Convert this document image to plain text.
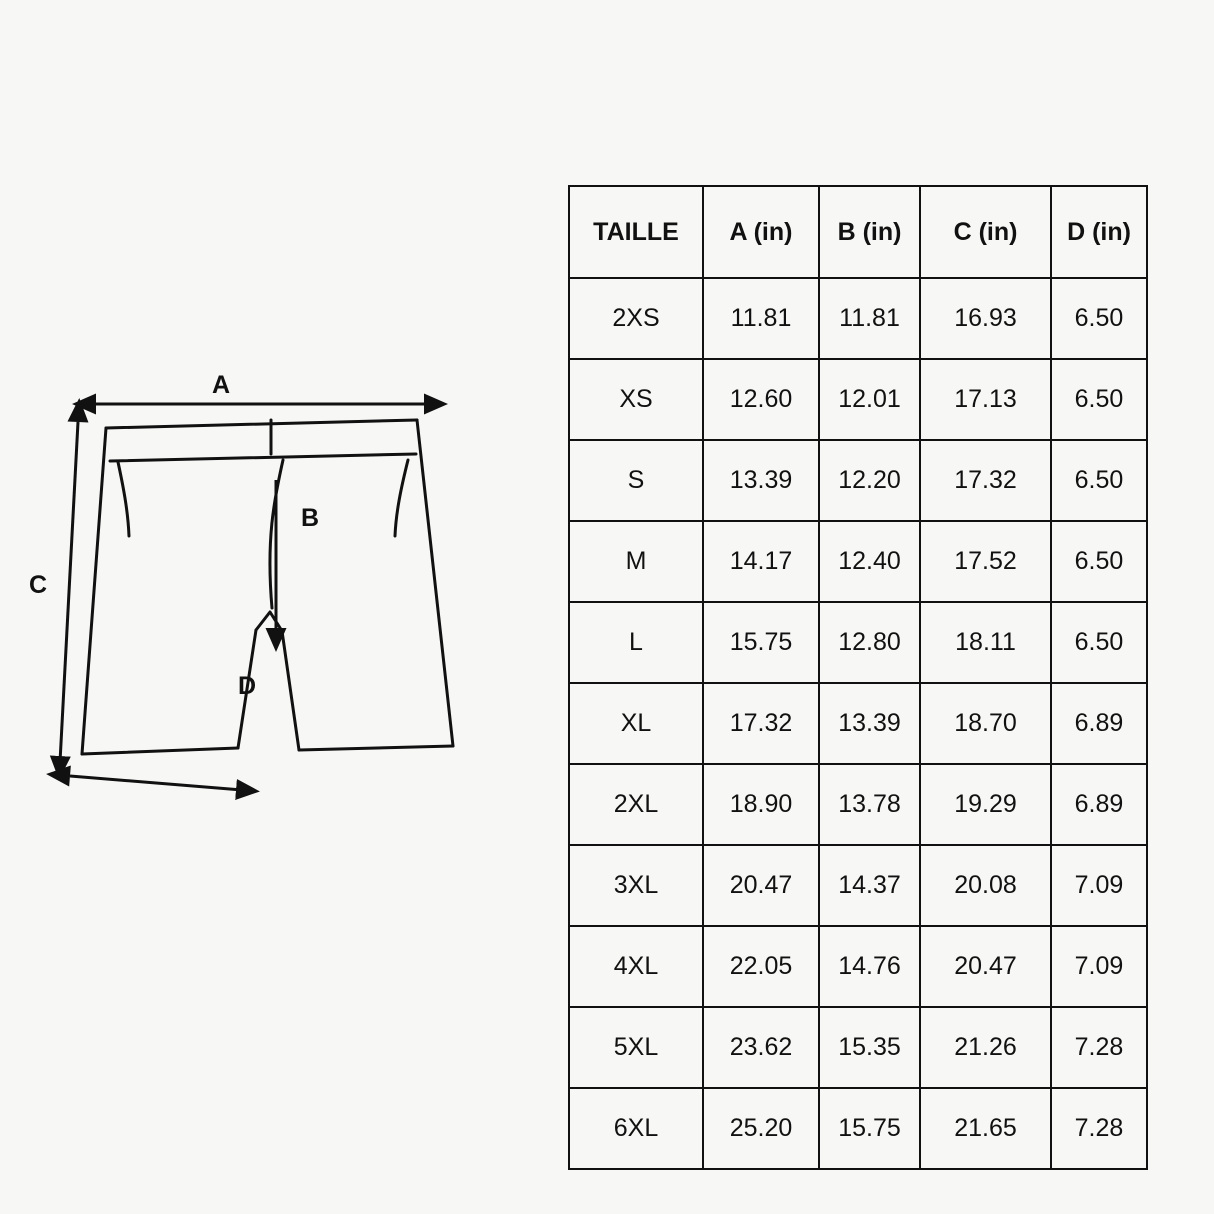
A
C
D
B
TAILLE	A (in)	B (in)	C (in)	D (in)
2XS	11.81	11.81	16.93	6.50
XS	12.60	12.01	17.13	6.50
S	13.39	12.20	17.32	6.50
M	14.17	12.40	17.52	6.50
L	15.75	12.80	18.11	6.50
XL	17.32	13.39	18.70	6.89
2XL	18.90	13.78	19.29	6.89
3XL	20.47	14.37	20.08	7.09
4XL	22.05	14.76	20.47	7.09
5XL	23.62	15.35	21.26	7.28
6XL	25.20	15.75	21.65	7.28
